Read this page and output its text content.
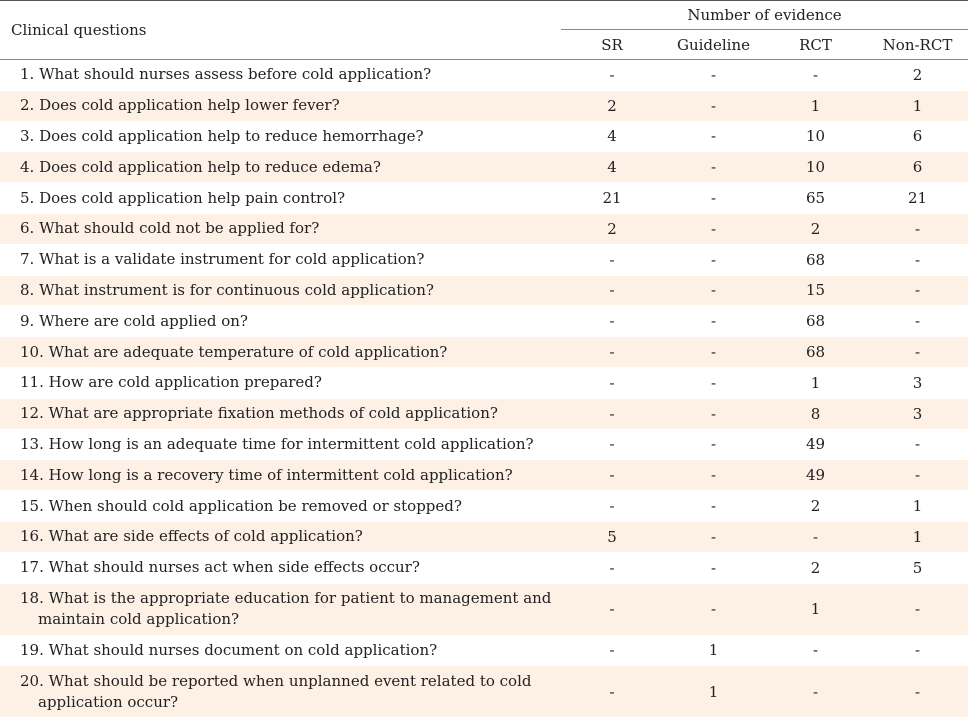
Clinical questions	Number of evidence			
	SR	Guideline	RCT	Non-RCT
1. What should nurses assess before cold application?	-	-	-	2
2. Does cold application help lower fever?	2	-	1	1
3. Does cold application help to reduce hemorrhage?	4	-	10	6
4. Does cold application help to reduce edema?	4	-	10	6
5. Does cold application help pain control?	21	-	65	21
6. What should cold not be applied for?	2	-	2	-
7. What is a validate instrument for cold application?	-	-	68	-
8. What instrument is for continuous cold application?	-	-	15	-
9. Where are cold applied on?	-	-	68	-
10. What are adequate temperature of cold application?	-	-	68	-
11. How are cold application prepared?	-	-	1	3
12. What are appropriate fixation methods of cold application?	-	-	8	3
13. How long is an adequate time for intermittent cold application?	-	-	49	-
14. How long is a recovery time of intermittent cold application?	-	-	49	-
15. When should cold application be removed or stopped?	-	-	2	1
16. What are side effects of cold application?	5	-	-	1
17. What should nurses act when side effects occur?	-	-	2	5
18. What is the appropriate education for patient to management and
maintain cold application?	-	-	1	-
19. What should nurses document on cold application?	-	1	-	-
20. What should be reported when unplanned event related to cold
application occur?	-	1	-	-
